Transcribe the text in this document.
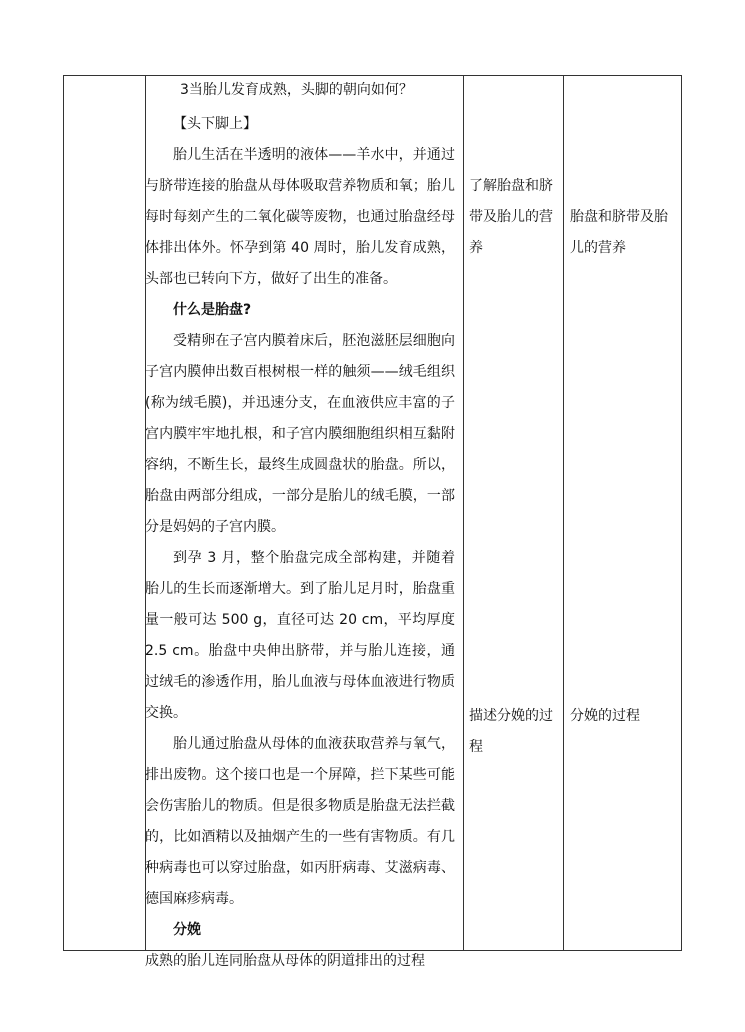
3当胎儿发育成熟，头脚的朝向如何？

【头下脚上】

胎儿生活在半透明的液体——羊水中，并通过与脐带连接的胎盘从母体吸取营养物质和氧；胎儿每时每刻产生的二氧化碳等废物，也通过胎盘经母体排出体外。怀孕到第 40 周时，胎儿发育成熟，头部也已转向下方，做好了出生的准备。

什么是胎盘?

受精卵在子宫内膜着床后，胚泡滋胚层细胞向子宫内膜伸出数百根树根一样的触须——绒毛组织(称为绒毛膜)，并迅速分支，在血液供应丰富的子宫内膜牢牢地扎根，和子宫内膜细胞组织相互黏附容纳，不断生长，最终生成圆盘状的胎盘。所以，胎盘由两部分组成，一部分是胎儿的绒毛膜，一部分是妈妈的子宫内膜。

到孕 3 月，整个胎盘完成全部构建，并随着胎儿的生长而逐渐增大。到了胎儿足月时，胎盘重量一般可达 500 g，直径可达 20 cm，平均厚度 2.5 cm。胎盘中央伸出脐带，并与胎儿连接，通过绒毛的渗透作用，胎儿血液与母体血液进行物质交换。

胎儿通过胎盘从母体的血液获取营养与氧气，排出废物。这个接口也是一个屏障，拦下某些可能会伤害胎儿的物质。但是很多物质是胎盘无法拦截的，比如酒精以及抽烟产生的一些有害物质。有几种病毒也可以穿过胎盘，如丙肝病毒、艾滋病毒、德国麻疹病毒。

分娩

成熟的胎儿连同胎盘从母体的阴道排出的过程

了解胎盘和脐带及胎儿的营养
描述分娩的过程
胎盘和脐带及胎儿的营养
分娩的过程
